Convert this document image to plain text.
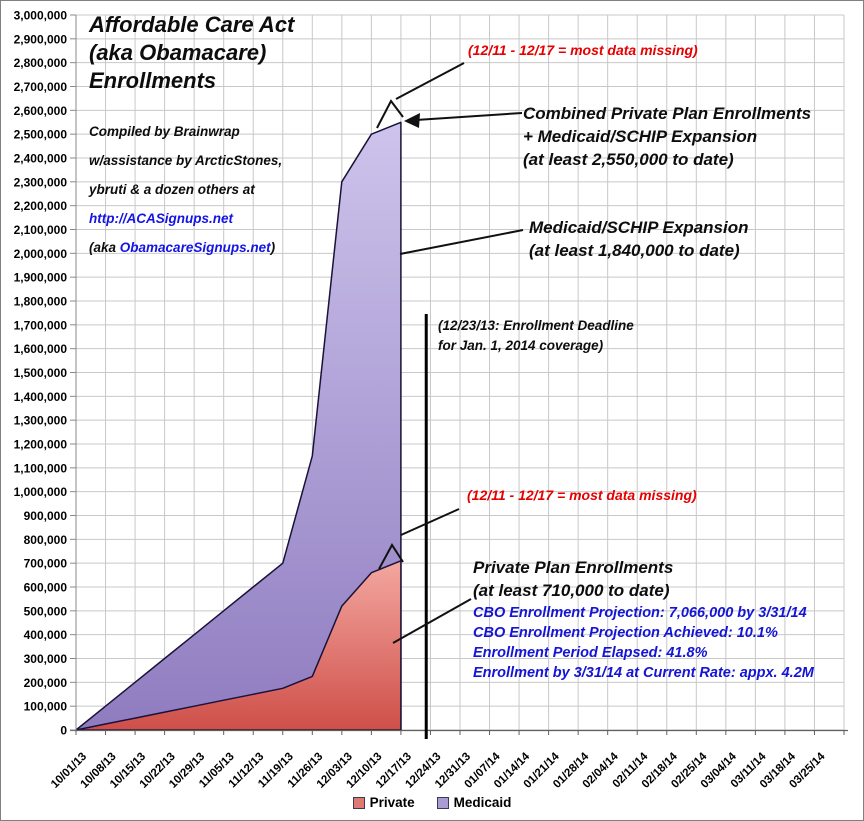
0
100,000
200,000
300,000
400,000
500,000
600,000
700,000
800,000
900,000
1,000,000
1,100,000
1,200,000
1,300,000
1,400,000
1,500,000
1,600,000
1,700,000
1,800,000
1,900,000
2,000,000
2,100,000
2,200,000
2,300,000
2,400,000
2,500,000
2,600,000
2,700,000
2,800,000
2,900,000
3,000,000
10/01/13
10/08/13
10/15/13
10/22/13
10/29/13
11/05/13
11/12/13
11/19/13
11/26/13
12/03/13
12/10/13
12/17/13
12/24/13
12/31/13
01/07/14
01/14/14
01/21/14
01/28/14
02/04/14
02/11/14
02/18/14
02/25/14
03/04/14
03/11/14
03/18/14
03/25/14
Affordable Care Act
(aka Obamacare)
Enrollments
Compiled by Brainwrap
w/assistance by ArcticStones,
ybruti & a dozen others at
http://ACASignups.net
(aka ObamacareSignups.net)
(12/11 - 12/17 = most data missing)
Combined Private Plan Enrollments
+ Medicaid/SCHIP Expansion
(at least 2,550,000 to date)
Medicaid/SCHIP Expansion
(at least 1,840,000 to date)
(12/23/13: Enrollment Deadline
for Jan. 1, 2014 coverage)
(12/11 - 12/17 = most data missing)
Private Plan Enrollments
(at least 710,000 to date)
CBO Enrollment Projection: 7,066,000 by 3/31/14
CBO Enrollment Projection Achieved: 10.1%
Enrollment Period Elapsed: 41.8%
Enrollment by 3/31/14 at Current Rate: appx. 4.2M
Private	Medicaid
